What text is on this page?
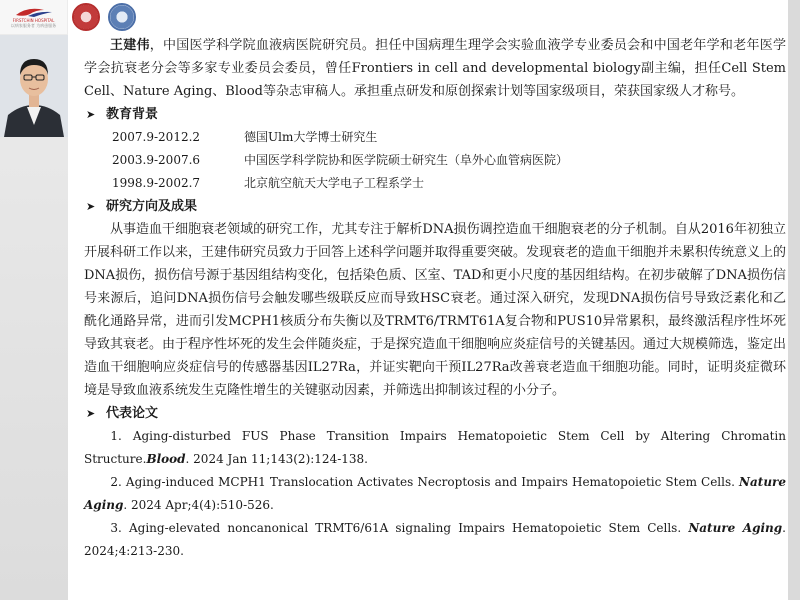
FIRSTCHIN HOSPITAL
以病家服务者 为病患服务

王建伟，中国医学科学院血液病医院研究员。担任中国病理生理学会实验血液学专业委员会和中国老年学和老年医学学会抗衰老分会等多家专业委员会委员，曾任Frontiers in cell and developmental biology副主编，担任Cell Stem Cell、Nature Aging、Blood等杂志审稿人。承担重点研发和原创探索计划等国家级项目，荣获国家级人才称号。

➤ 教育背景
2007.9-2012.2	德国Ulm大学博士研究生
2003.9-2007.6	中国医学科学院协和医学院硕士研究生（阜外心血管病医院）
1998.9-2002.7	北京航空航天大学电子工程系学士
➤ 研究方向及成果

从事造血干细胞衰老领域的研究工作，尤其专注于解析DNA损伤调控造血干细胞衰老的分子机制。自从2016年初独立开展科研工作以来，王建伟研究员致力于回答上述科学问题并取得重要突破。发现衰老的造血干细胞并未累积传统意义上的DNA损伤，损伤信号源于基因组结构变化，包括染色质、区室、TAD和更小尺度的基因组结构。在初步破解了DNA损伤信号来源后，追问DNA损伤信号会触发哪些级联反应而导致HSC衰老。通过深入研究，发现DNA损伤信号导致泛素化和乙酰化通路异常，进而引发MCPH1核质分布失衡以及TRMT6/TRMT61A复合物和PUS10异常累积，最终激活程序性坏死导致其衰老。由于程序性坏死的发生会伴随炎症，于是探究造血干细胞响应炎症信号的关键基因。通过大规模筛选，鉴定出造血干细胞响应炎症信号的传感器基因IL27Ra，并证实靶向干预IL27Ra改善衰老造血干细胞功能。同时，证明炎症微环境是导致血液系统发生克隆性增生的关键驱动因素，并筛选出抑制该过程的小分子。

➤ 代表论文

1. Aging-disturbed FUS Phase Transition Impairs Hematopoietic Stem Cell by Altering Chromatin Structure.Blood. 2024 Jan 11;143(2):124-138.

2. Aging-induced MCPH1 Translocation Activates Necroptosis and Impairs Hematopoietic Stem Cells. Nature Aging. 2024 Apr;4(4):510-526.

3. Aging-elevated noncanonical TRMT6/61A signaling Impairs Hematopoietic Stem Cells. Nature Aging. 2024;4:213-230.
